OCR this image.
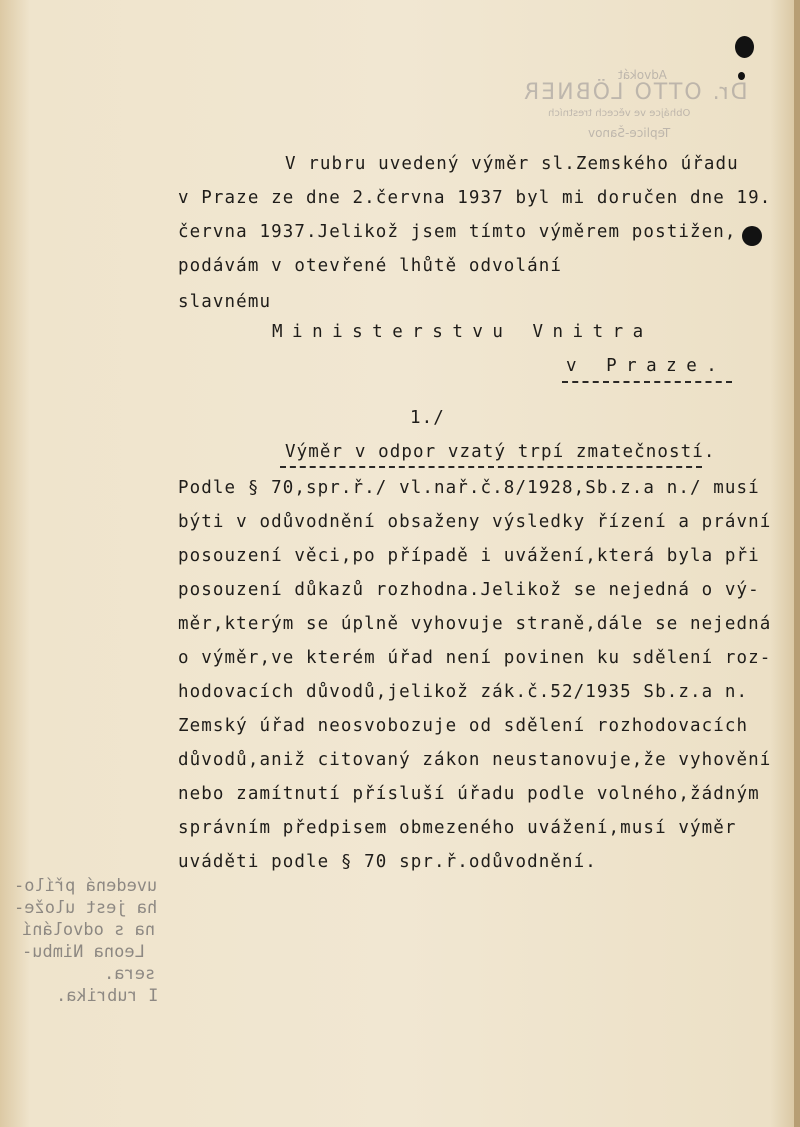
Advokát
Dr. OTTO LÖBNER
Obhájce ve věcech trestních
Teplice-Šanov
V rubru uvedený výměr sl.Zemského úřadu
v Praze ze dne 2.června 1937 byl mi doručen dne 19.
června 1937.Jelikož jsem tímto výměrem postižen,
podávám v otevřené lhůtě odvolání
slavnému
Ministerstvu Vnitra
v Praze.
1./
Výměr v odpor vzatý trpí zmatečností.
Podle § 70,spr.ř./ vl.nař.č.8/1928,Sb.z.a n./ musí
býti v odůvodnění obsaženy výsledky řízení a právní
posouzení věci,po případě i uvážení,která byla při
posouzení důkazů rozhodna.Jelikož se nejedná o vý-
měr,kterým se úplně vyhovuje straně,dále se nejedná
o výměr,ve kterém úřad není povinen ku sdělení roz-
hodovacích důvodů,jelikož zák.č.52/1935 Sb.z.a n.
Zemský úřad neosvobozuje od sdělení rozhodovacích
důvodů,aniž citovaný zákon neustanovuje,že vyhovění
nebo zamítnutí přísluší úřadu podle volného,žádným
správním předpisem obmezeného uvážení,musí výměr
uváděti podle § 70 spr.ř.odůvodnění.
uvedená přílo-
ha jest ulože-
na s odvolání
Leona Nimbu-
sera.
I rubrika.
